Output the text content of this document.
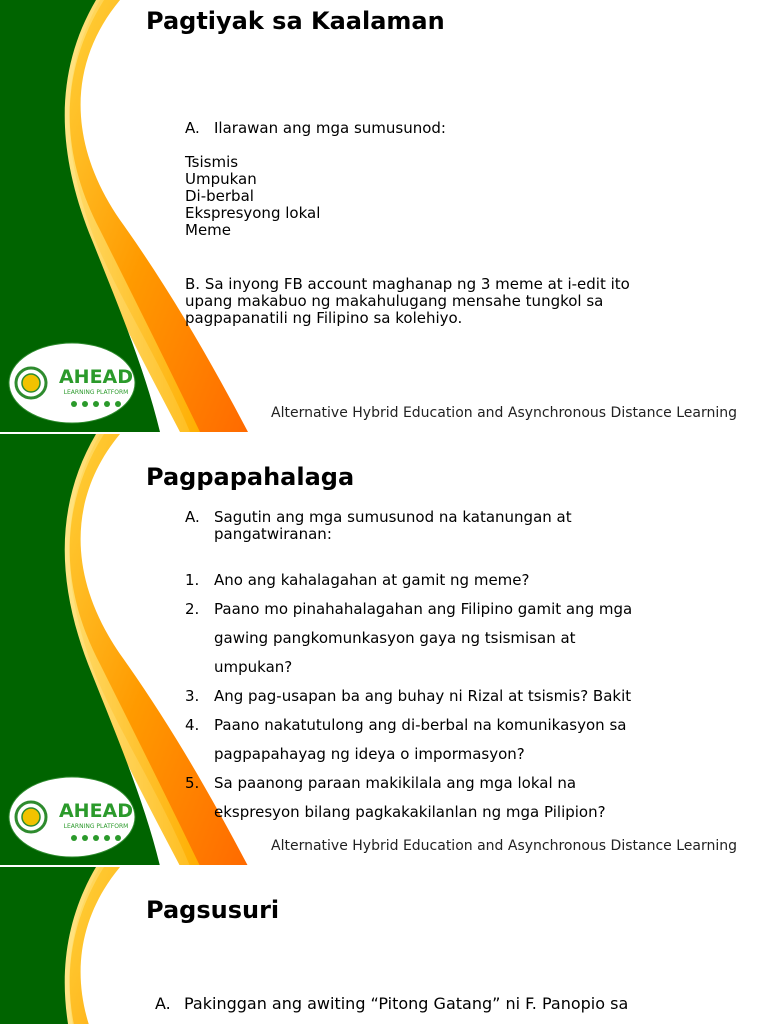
AHEAD
LEARNING PLATFORM
Pagtiyak sa Kaalaman
A. Ilarawan ang mga sumusunod:
Tsismis
Umpukan
Di-berbal
Ekspresyong lokal
Meme
B. Sa inyong FB account maghanap ng 3 meme at i-edit ito
upang makabuo ng makahulugang mensahe tungkol sa
pagpapanatili ng Filipino sa kolehiyo.
Alternative Hybrid Education and Asynchronous Distance Learning
AHEAD
LEARNING PLATFORM
Pagpapahalaga
A. Sagutin ang mga sumusunod na katanungan at
pangatwiranan:
1. Ano ang kahalagahan at gamit ng meme?
2. Paano mo pinahahalagahan ang Filipino gamit ang mga
gawing pangkomunkasyon gaya ng tsismisan at
umpukan?
3. Ang pag-usapan ba ang buhay ni Rizal at tsismis? Bakit
4. Paano nakatutulong ang di-berbal na komunikasyon sa
pagpapahayag ng ideya o impormasyon?
5. Sa paanong paraan makikilala ang mga lokal na
ekspresyon bilang pagkakakilanlan ng mga Pilipion?
Alternative Hybrid Education and Asynchronous Distance Learning
Pagsusuri
A. Pakinggan ang awiting “Pitong Gatang” ni F. Panopio sa
